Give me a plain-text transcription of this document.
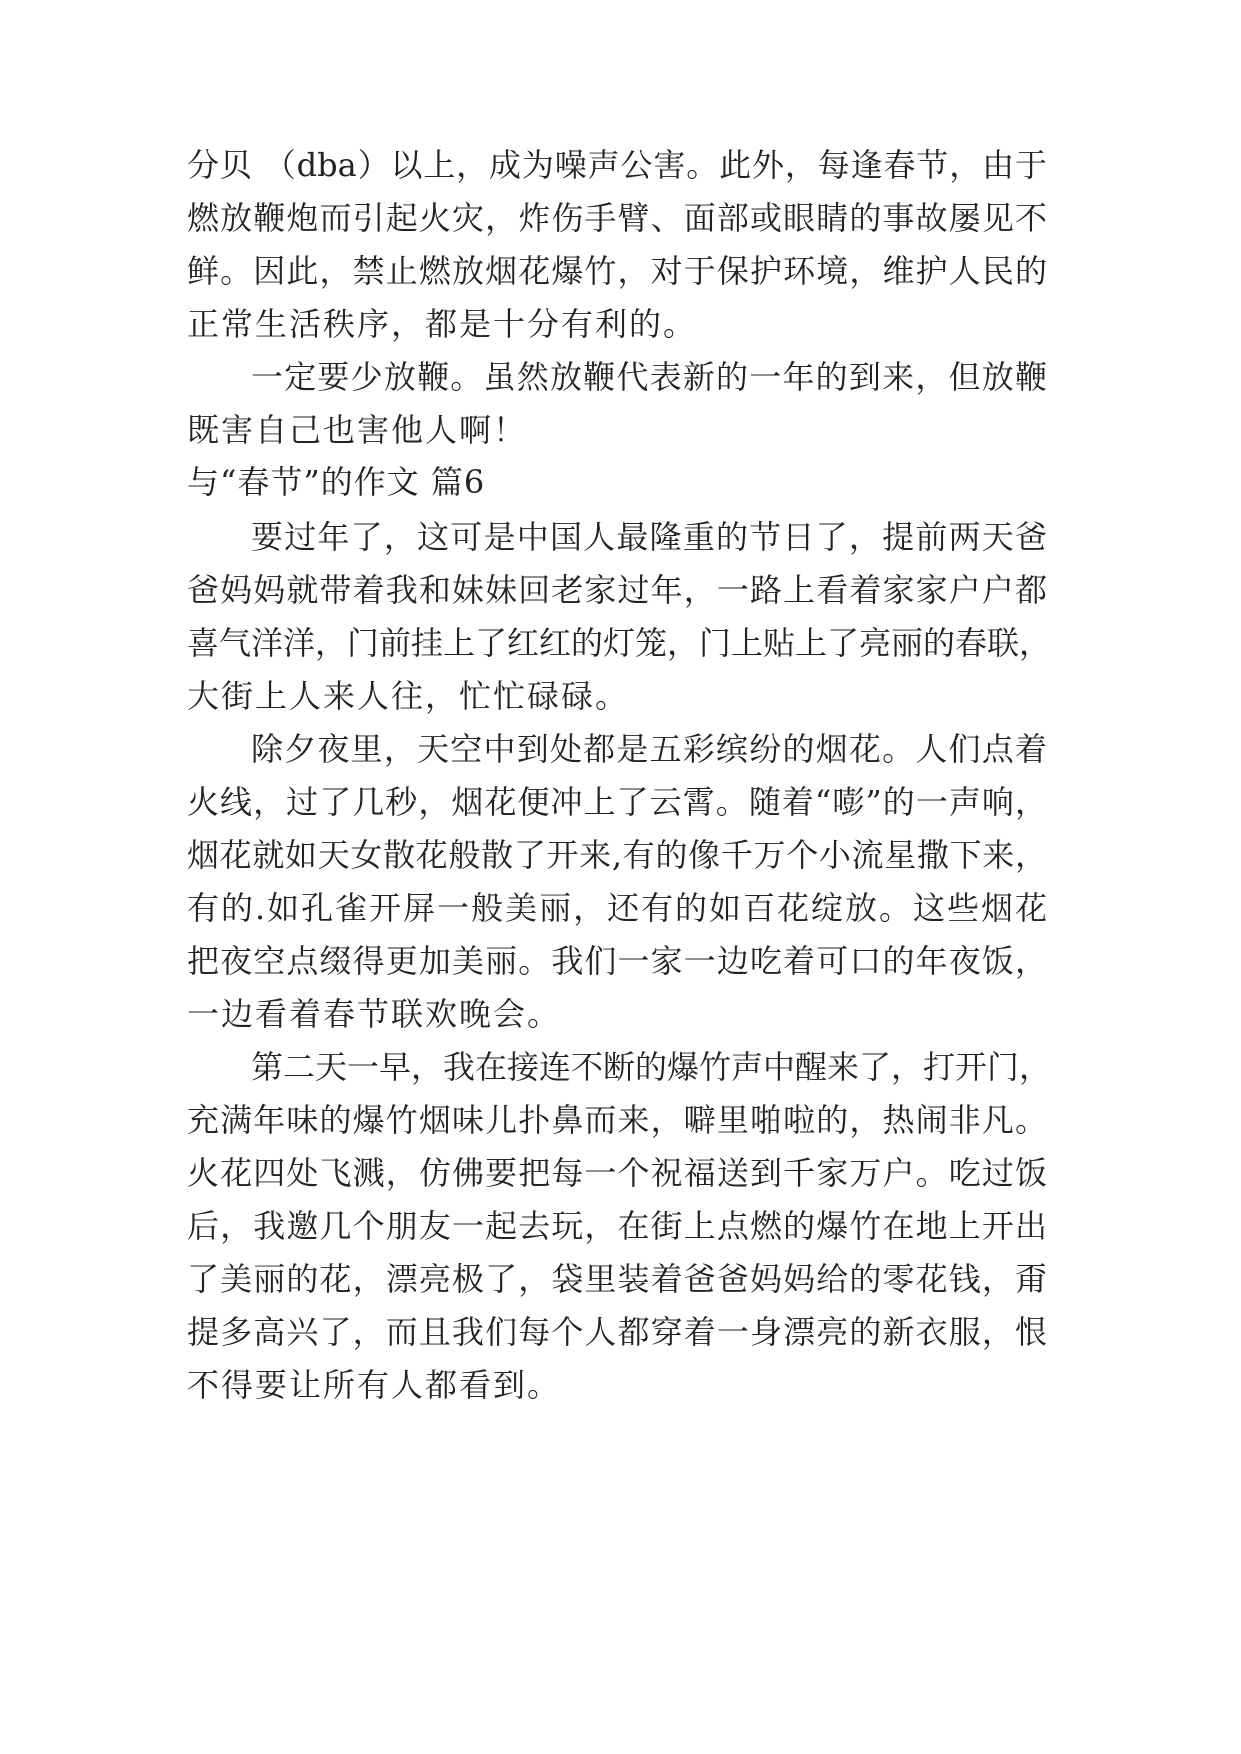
分贝 （dba）以上，成为噪声公害。此外，每逢春节，由于
燃放鞭炮而引起火灾，炸伤手臂、面部或眼睛的事故屡见不
鲜。因此，禁止燃放烟花爆竹，对于保护环境，维护人民的
正常生活秩序，都是十分有利的。
一定要少放鞭。虽然放鞭代表新的一年的到来，但放鞭
既害自己也害他人啊！
与“春节”的作文 篇6
要过年了，这可是中国人最隆重的节日了，提前两天爸
爸妈妈就带着我和妹妹回老家过年，一路上看着家家户户都
喜气洋洋，门前挂上了红红的灯笼，门上贴上了亮丽的春联，
大街上人来人往，忙忙碌碌。
除夕夜里，天空中到处都是五彩缤纷的烟花。人们点着
火线，过了几秒，烟花便冲上了云霄。随着“嘭”的一声响，
烟花就如天女散花般散了开来,有的像千万个小流星撒下来，
有的.如孔雀开屏一般美丽，还有的如百花绽放。这些烟花
把夜空点缀得更加美丽。我们一家一边吃着可口的年夜饭，
一边看着春节联欢晚会。
第二天一早，我在接连不断的爆竹声中醒来了，打开门，
充满年味的爆竹烟味儿扑鼻而来，噼里啪啦的，热闹非凡。
火花四处飞溅，仿佛要把每一个祝福送到千家万户。吃过饭
后，我邀几个朋友一起去玩，在街上点燃的爆竹在地上开出
了美丽的花，漂亮极了，袋里装着爸爸妈妈给的零花钱，甭
提多高兴了，而且我们每个人都穿着一身漂亮的新衣服，恨
不得要让所有人都看到。
